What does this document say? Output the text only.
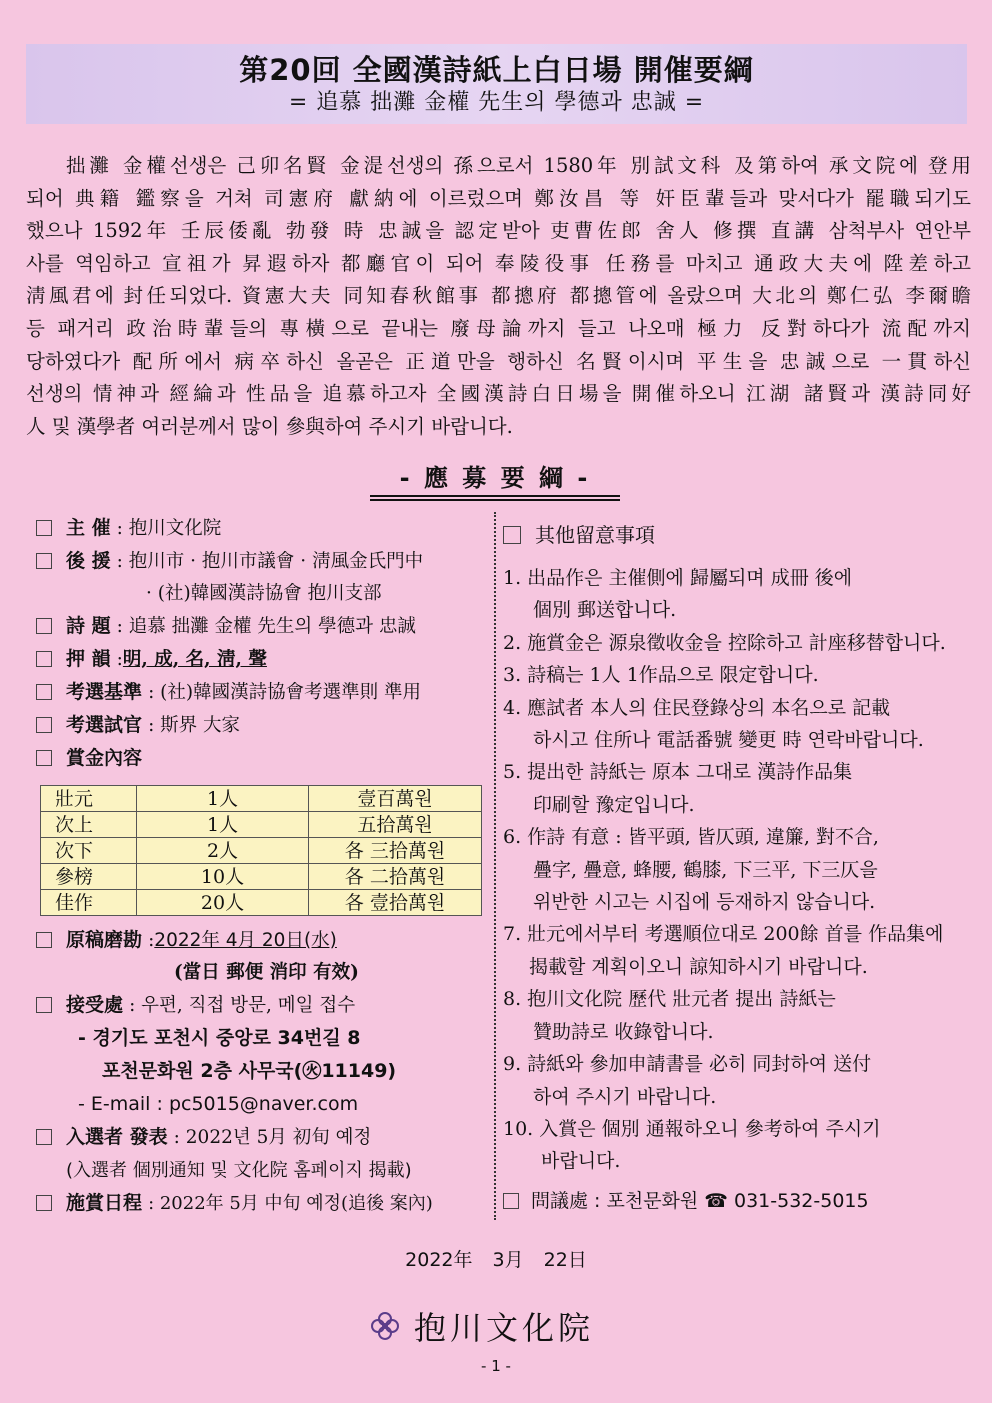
第20回 全國漢詩紙上白日場 開催要綱
= 追慕 拙灘 金權 先生의 學德과 忠誠 =
拙灘 金權선생은 己卯名賢 金湜선생의 孫으로서 1580年 別試文科 及第하여 承文院에 登用
되어 典籍 鑑察을 거쳐 司憲府 獻納에 이르렀으며 鄭汝昌 等 奸臣輩들과 맞서다가 罷職되기도
했으나 1592年 壬辰倭亂 勃發 時 忠誠을 認定받아 吏曹佐郎 舍人 修撰 直講 삼척부사 연안부
사를 역임하고 宣祖가 昇遐하자 都廳官이 되어 奉陵役事 任務를 마치고 通政大夫에 陞差하고
淸風君에 封任되었다. 資憲大夫 同知春秋館事 都摠府 都摠管에 올랐으며 大北의 鄭仁弘 李爾瞻
등 패거리 政治時輩들의 專橫으로 끝내는 廢母論까지 들고 나오매 極力 反對하다가 流配까지
당하였다가 配所에서 病卒하신 올곧은 正道만을 행하신 名賢이시며 平生을 忠誠으로 一貫하신
선생의 情神과 經綸과 性品을 追慕하고자 全國漢詩白日場을 開催하오니 江湖 諸賢과 漢詩同好
人 및 漢學者 여러분께서 많이 參與하여 주시기 바랍니다.
- 應 募 要 綱 -
主 催
: 抱川文化院
後 援
: 抱川市 · 抱川市議會 · 淸風金氏門中
· (社)韓國漢詩協會 抱川支部
詩 題
: 追慕 拙灘 金權 先生의 學德과 忠誠
押 韻
: 明, 成, 名, 淸, 聲
考選基準
: (社)韓國漢詩協會考選準則 準用
考選試官
: 斯界 大家
賞金內容
壯元	1人	壹百萬원
次上	1人	五拾萬원
次下	2人	各 三拾萬원
參榜	10人	各 二拾萬원
佳作	20人	各 壹拾萬원
原稿磨勘
: 2022年 4月 20日(水)
(當日 郵便 消印 有效)
接受處
: 우편, 직접 방문, 메일 접수
- 경기도 포천시 중앙로 34번길 8
포천문화원 2층 사무국(㊋11149)
- E-mail : pc5015@naver.com
入選者 發表
: 2022년 5月 初旬 예정
(入選者 個別通知 및 文化院 홈페이지 揭載)
施賞日程
: 2022年 5月 中旬 예정(追後 案內)
其他留意事項
1. 出品作은 主催側에 歸屬되며 成冊 後에
個別 郵送합니다.
2. 施賞金은 源泉徵收金을 控除하고 計座移替합니다.
3. 詩稿는 1人 1作品으로 限定합니다.
4. 應試者 本人의 住民登錄상의 本名으로 記載
하시고 住所나 電話番號 變更 時 연락바랍니다.
5. 提出한 詩紙는 原本 그대로 漢詩作品集
印刷할 豫定입니다.
6. 作詩 有意 : 皆平頭, 皆仄頭, 違簾, 對不合,
疊字, 疊意, 蜂腰, 鶴膝, 下三平, 下三仄을
위반한 시고는 시집에 등재하지 않습니다.
7. 壯元에서부터 考選順位대로 200餘 首를 作品集에
揭載할 계획이오니 諒知하시기 바랍니다.
8. 抱川文化院 歷代 壯元者 提出 詩紙는
贊助詩로 收錄합니다.
9. 詩紙와 參加申請書를 必히 同封하여 送付
하여 주시기 바랍니다.
10. 入賞은 個別 通報하오니 參考하여 주시기
바랍니다.
問議處 : 포천문화원 ☎ 031-532-5015
2022年 3月 22日
抱川文化院
- 1 -
